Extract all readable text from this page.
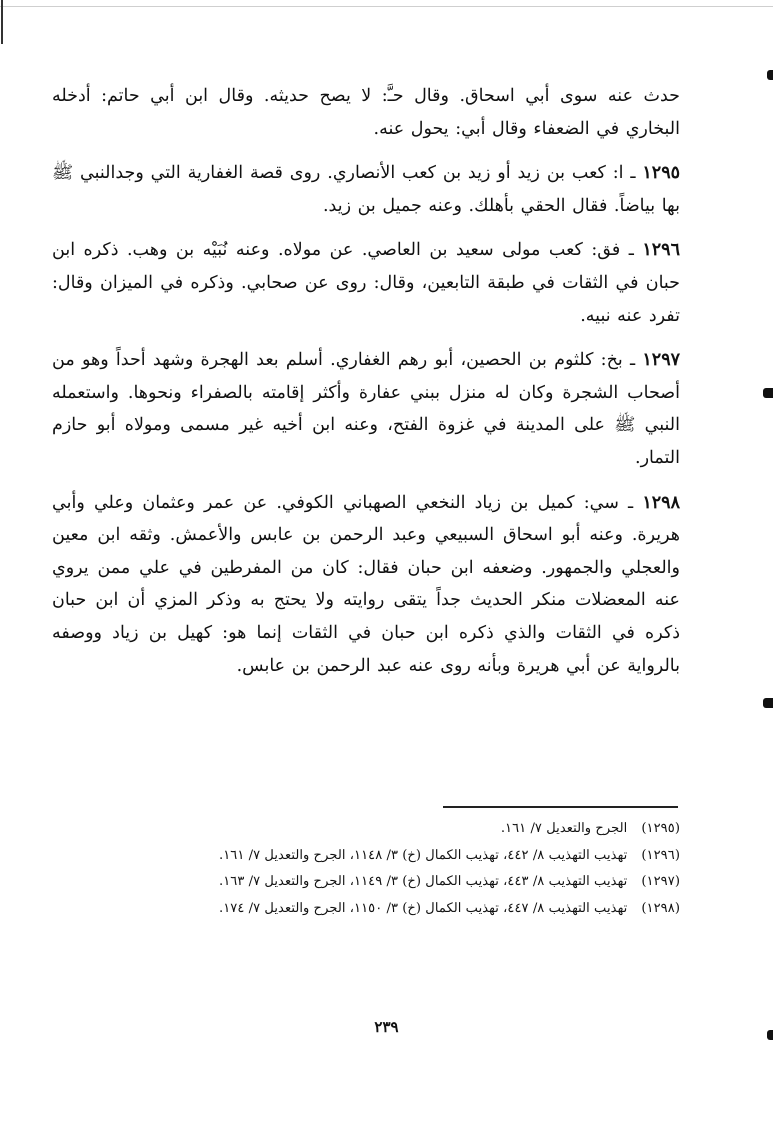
حدث عنه سوى أبي اسحاق. وقال حـَّ: لا يصح حديثه. وقال ابن أبي حاتم: أدخله البخاري في الضعفاء وقال أبي: يحول عنه.

١٢٩٥ ـ ا: كعب بن زيد أو زيد بن كعب الأنصاري. روى قصة الغفارية التي وجدالنبي ﷺ بها بياضاً. فقال الحقي بأهلك. وعنه جميل بن زيد.

١٢٩٦ ـ فق: كعب مولى سعيد بن العاصي. عن مولاه. وعنه نُبَيْه بن وهب. ذكره ابن حبان في الثقات في طبقة التابعين، وقال: روى عن صحابي. وذكره في الميزان وقال: تفرد عنه نبيه.

١٢٩٧ ـ بخ: كلثوم بن الحصين، أبو رهم الغفاري. أسلم بعد الهجرة وشهد أحداً وهو من أصحاب الشجرة وكان له منزل ببني عفارة وأكثر إقامته بالصفراء ونحوها. واستعمله النبي ﷺ على المدينة في غزوة الفتح، وعنه ابن أخيه غير مسمى ومولاه أبو حازم التمار.

١٢٩٨ ـ سي: كميل بن زياد النخعي الصهباني الكوفي. عن عمر وعثمان وعلي وأبي هريرة. وعنه أبو اسحاق السبيعي وعبد الرحمن بن عابس والأعمش. وثقه ابن معين والعجلي والجمهور. وضعفه ابن حبان فقال: كان من المفرطين في علي ممن يروي عنه المعضلات منكر الحديث جداً يتقى روايته ولا يحتج به وذكر المزي أن ابن حبان ذكره في الثقات والذي ذكره ابن حبان في الثقات إنما هو: كهيل بن زياد ووصفه بالرواية عن أبي هريرة وبأنه روى عنه عبد الرحمن بن عابس.

(١٢٩٥)الجرح والتعديل ٧/ ١٦١.

(١٢٩٦)تهذيب التهذيب ٨/ ٤٤٢، تهذيب الكمال (خ) ٣/ ١١٤٨، الجرح والتعديل ٧/ ١٦١.

(١٢٩٧)تهذيب التهذيب ٨/ ٤٤٣، تهذيب الكمال (خ) ٣/ ١١٤٩، الجرح والتعديل ٧/ ١٦٣.

(١٢٩٨)تهذيب التهذيب ٨/ ٤٤٧، تهذيب الكمال (خ) ٣/ ١١٥٠، الجرح والتعديل ٧/ ١٧٤.

٢٣٩
